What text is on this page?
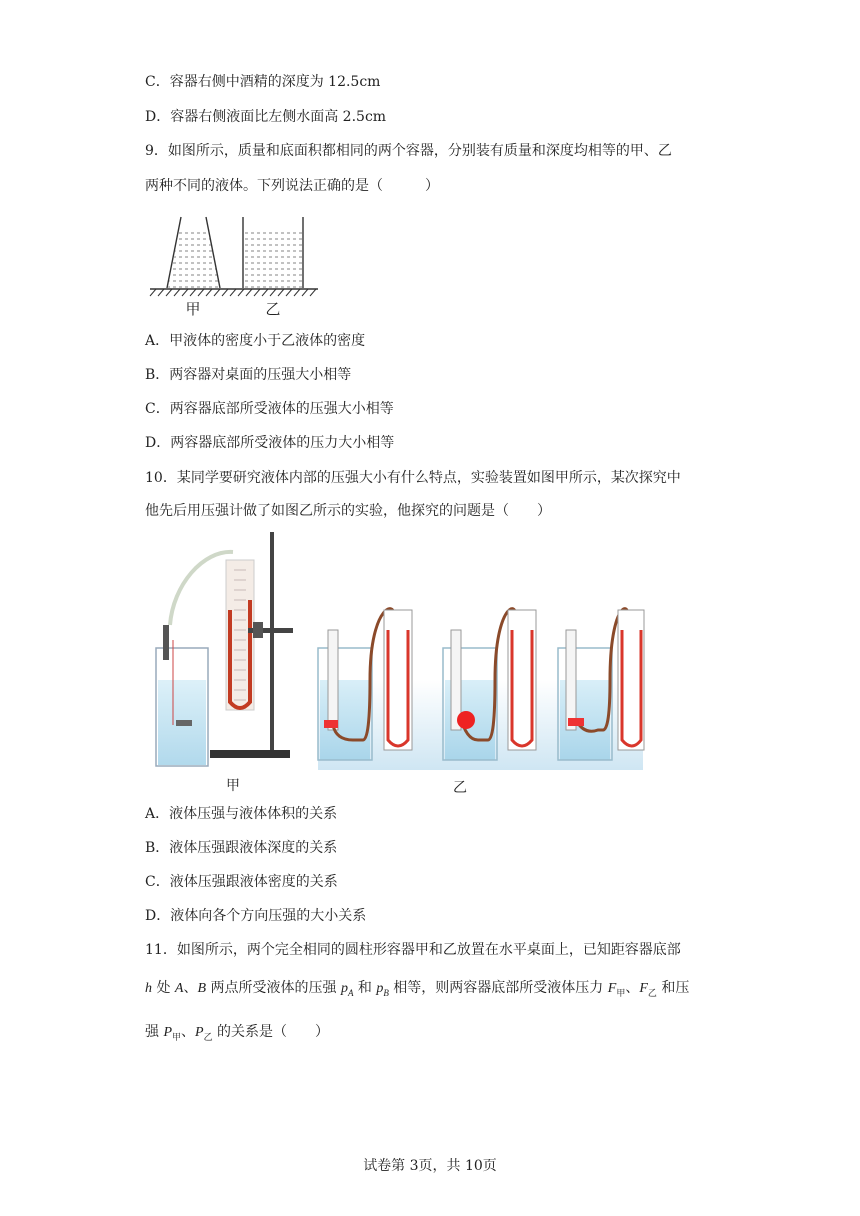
C．容器右侧中酒精的深度为 12.5cm
D．容器右侧液面比左侧水面高 2.5cm
9．如图所示，质量和底面积都相同的两个容器，分别装有质量和深度均相等的甲、乙
两种不同的液体。下列说法正确的是（　　　）
甲	乙
A．甲液体的密度小于乙液体的密度
B．两容器对桌面的压强大小相等
C．两容器底部所受液体的压强大小相等
D．两容器底部所受液体的压力大小相等
10．某同学要研究液体内部的压强大小有什么特点，实验装置如图甲所示，某次探究中
他先后用压强计做了如图乙所示的实验，他探究的问题是（　　）
甲	乙
A．液体压强与液体体积的关系
B．液体压强跟液体深度的关系
C．液体压强跟液体密度的关系
D．液体向各个方向压强的大小关系
11．如图所示，两个完全相同的圆柱形容器甲和乙放置在水平桌面上，已知距容器底部
h 处 A、B 两点所受液体的压强 $p_A$ 和 $p_B$ 相等，则两容器底部所受液体压力 $F_甲$、$F_乙$ 和压
强 $P_甲$、$P_乙$ 的关系是（　　）
试卷第 3页，共 10页
